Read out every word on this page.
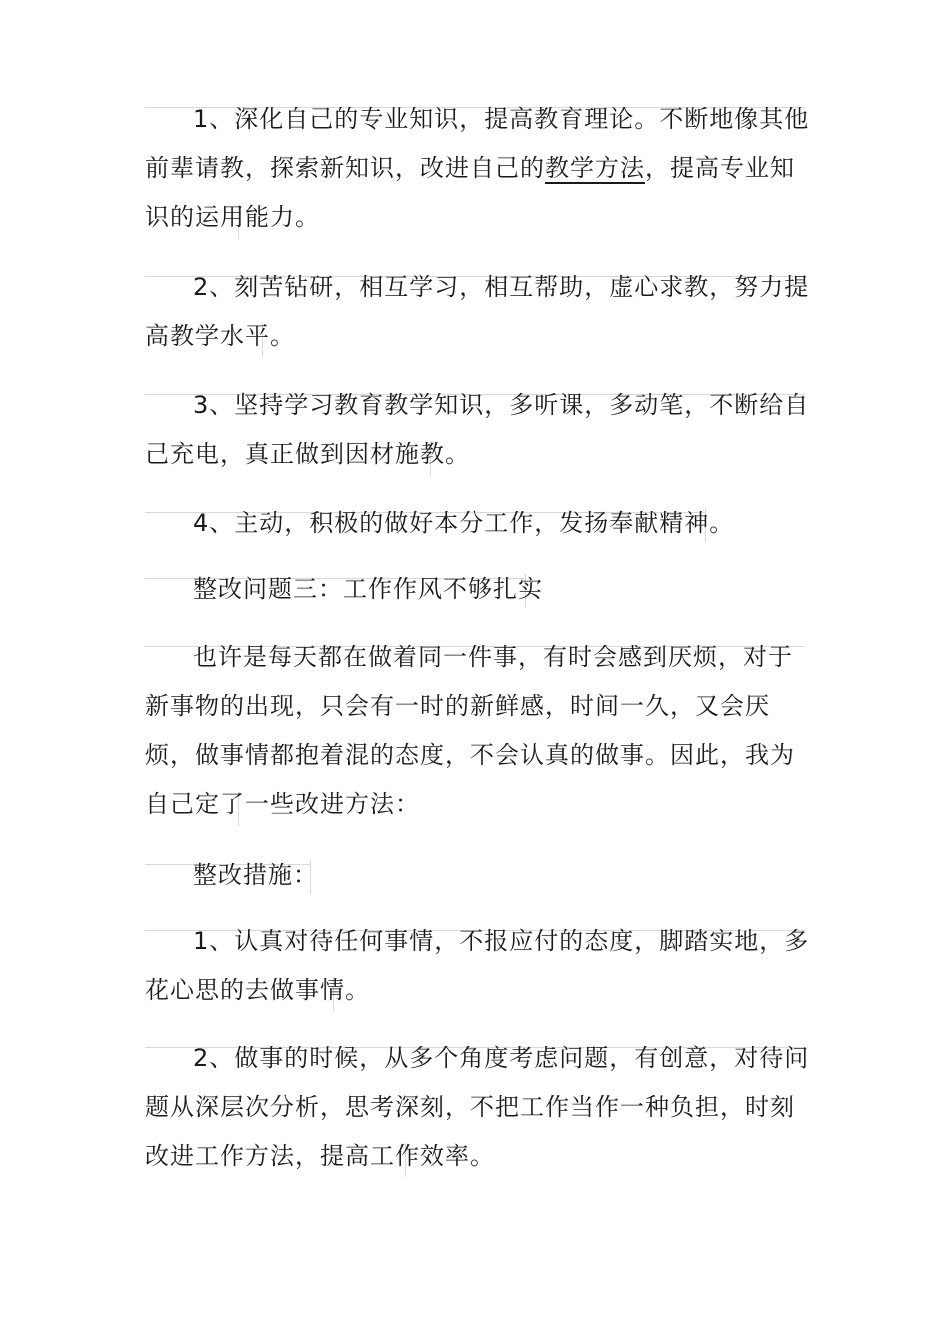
1、深化自己的专业知识，提高教育理论。不断地像其他前辈请教，探索新知识，改进自己的教学方法，提高专业知识的运用能力。

2、刻苦钻研，相互学习，相互帮助，虚心求教，努力提高教学水平。

3、坚持学习教育教学知识，多听课，多动笔，不断给自己充电，真正做到因材施教。

4、主动，积极的做好本分工作，发扬奉献精神。

整改问题三：工作作风不够扎实

也许是每天都在做着同一件事，有时会感到厌烦，对于新事物的出现，只会有一时的新鲜感，时间一久，又会厌烦，做事情都抱着混的态度，不会认真的做事。因此，我为自己定了一些改进方法：

整改措施：

1、认真对待任何事情，不报应付的态度，脚踏实地，多花心思的去做事情。

2、做事的时候，从多个角度考虑问题，有创意，对待问题从深层次分析，思考深刻，不把工作当作一种负担，时刻改进工作方法，提高工作效率。
